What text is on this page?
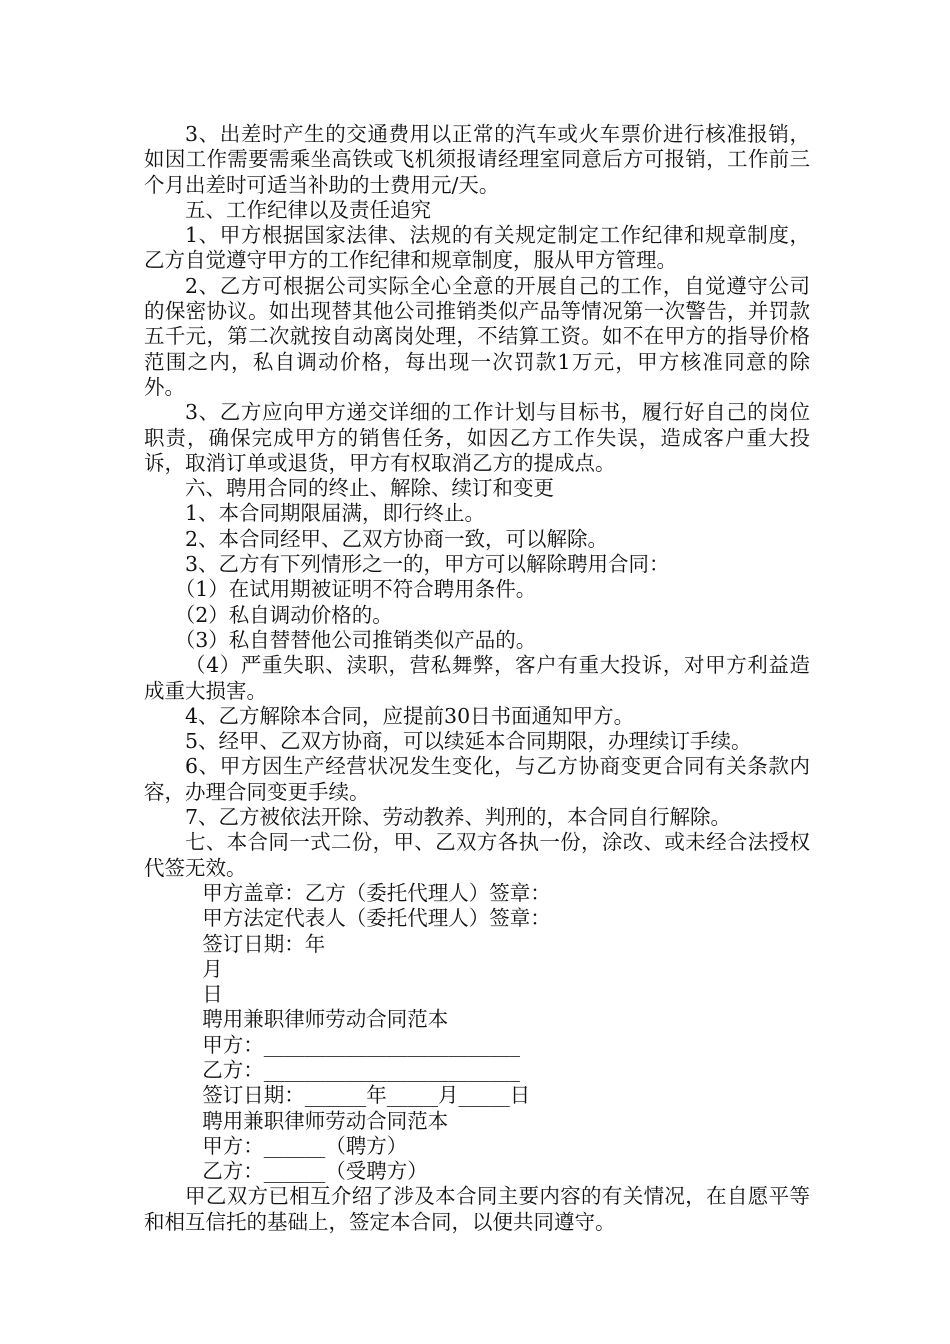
3、出差时产生的交通费用以正常的汽车或火车票价进行核准报销，如因工作需要需乘坐高铁或飞机须报请经理室同意后方可报销，工作前三个月出差时可适当补助的士费用元/天。

五、工作纪律以及责任追究

1、甲方根据国家法律、法规的有关规定制定工作纪律和规章制度，乙方自觉遵守甲方的工作纪律和规章制度，服从甲方管理。

2、乙方可根据公司实际全心全意的开展自己的工作，自觉遵守公司的保密协议。如出现替其他公司推销类似产品等情况第一次警告，并罚款五千元，第二次就按自动离岗处理，不结算工资。如不在甲方的指导价格范围之内，私自调动价格，每出现一次罚款1万元，甲方核准同意的除外。

3、乙方应向甲方递交详细的工作计划与目标书，履行好自己的岗位职责，确保完成甲方的销售任务，如因乙方工作失误，造成客户重大投诉，取消订单或退货，甲方有权取消乙方的提成点。

六、聘用合同的终止、解除、续订和变更

1、本合同期限届满，即行终止。

2、本合同经甲、乙双方协商一致，可以解除。

3、乙方有下列情形之一的，甲方可以解除聘用合同：

（1）在试用期被证明不符合聘用条件。

（2）私自调动价格的。

（3）私自替替他公司推销类似产品的。

（4）严重失职、渎职，营私舞弊，客户有重大投诉，对甲方利益造成重大损害。

4、乙方解除本合同，应提前30日书面通知甲方。

5、经甲、乙双方协商，可以续延本合同期限，办理续订手续。

6、甲方因生产经营状况发生变化，与乙方协商变更合同有关条款内容，办理合同变更手续。

7、乙方被依法开除、劳动教养、判刑的，本合同自行解除。

七、本合同一式二份，甲、乙双方各执一份，涂改、或未经合法授权代签无效。

甲方盖章：乙方（委托代理人）签章：

甲方法定代表人（委托代理人）签章：

签订日期：年

月

日

聘用兼职律师劳动合同范本

甲方：_________________________

乙方：_________________________

签订日期：______年_____月_____日

聘用兼职律师劳动合同范本

甲方：______（聘方）

乙方：______（受聘方）

甲乙双方已相互介绍了涉及本合同主要内容的有关情况，在自愿平等和相互信托的基础上，签定本合同，以便共同遵守。
